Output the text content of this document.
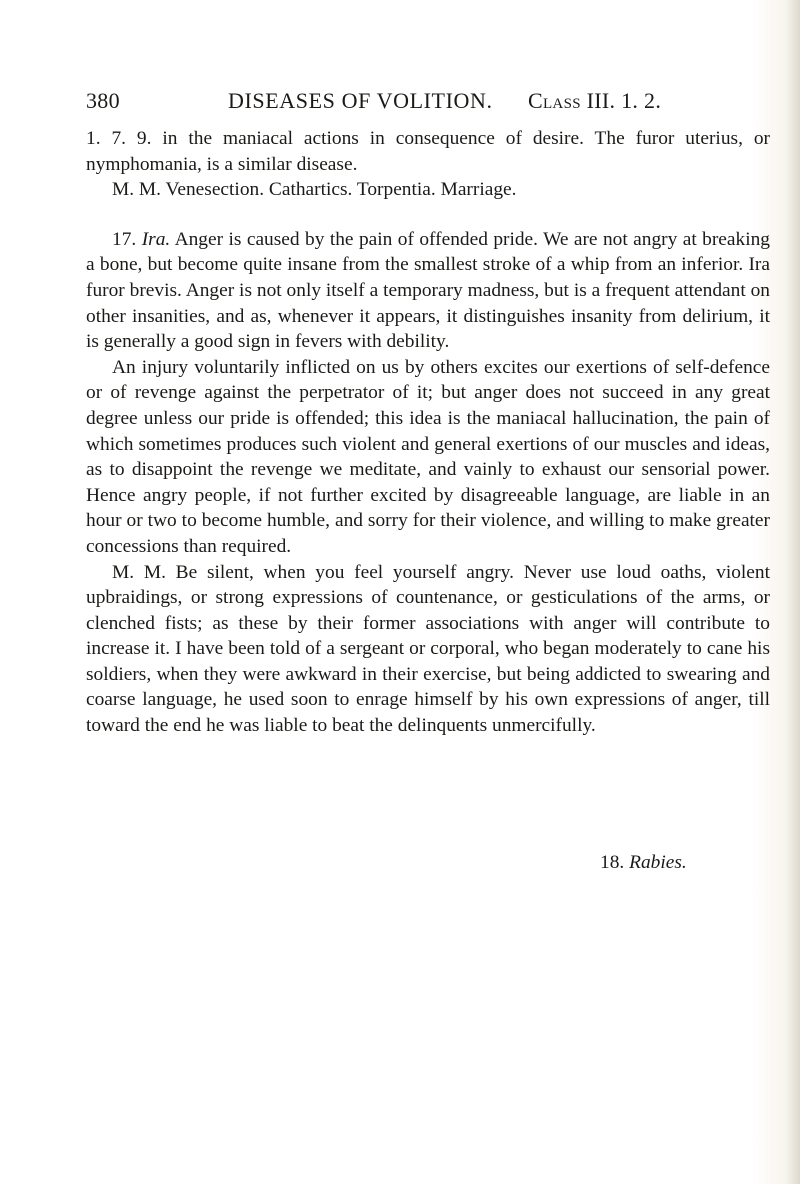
380	DISEASES OF VOLITION. Class III. 1. 2.

1. 7. 9. in the maniacal actions in consequence of desire. The furor uterius, or nymphomania, is a similar disease.

M. M. Venesection. Cathartics. Torpentia. Marriage.

17. Ira. Anger is caused by the pain of offended pride. We are not angry at breaking a bone, but become quite insane from the smallest stroke of a whip from an inferior. Ira furor brevis. Anger is not only itself a temporary madness, but is a frequent attendant on other insanities, and as, whenever it appears, it distinguishes insanity from delirium, it is generally a good sign in fevers with debility.

An injury voluntarily inflicted on us by others excites our exertions of self-defence or of revenge against the perpetrator of it; but anger does not succeed in any great degree unless our pride is offended; this idea is the maniacal hallucination, the pain of which sometimes produces such violent and general exertions of our muscles and ideas, as to disappoint the revenge we meditate, and vainly to exhaust our sensorial power. Hence angry people, if not further excited by disagreeable language, are liable in an hour or two to become humble, and sorry for their violence, and willing to make greater concessions than required.

M. M. Be silent, when you feel yourself angry. Never use loud oaths, violent upbraidings, or strong expressions of countenance, or gesticulations of the arms, or clenched fists; as these by their former associations with anger will contribute to increase it. I have been told of a sergeant or corporal, who began moderately to cane his soldiers, when they were awkward in their exercise, but being addicted to swearing and coarse language, he used soon to enrage himself by his own expressions of anger, till toward the end he was liable to beat the delinquents unmercifully.

18. Rabies.
